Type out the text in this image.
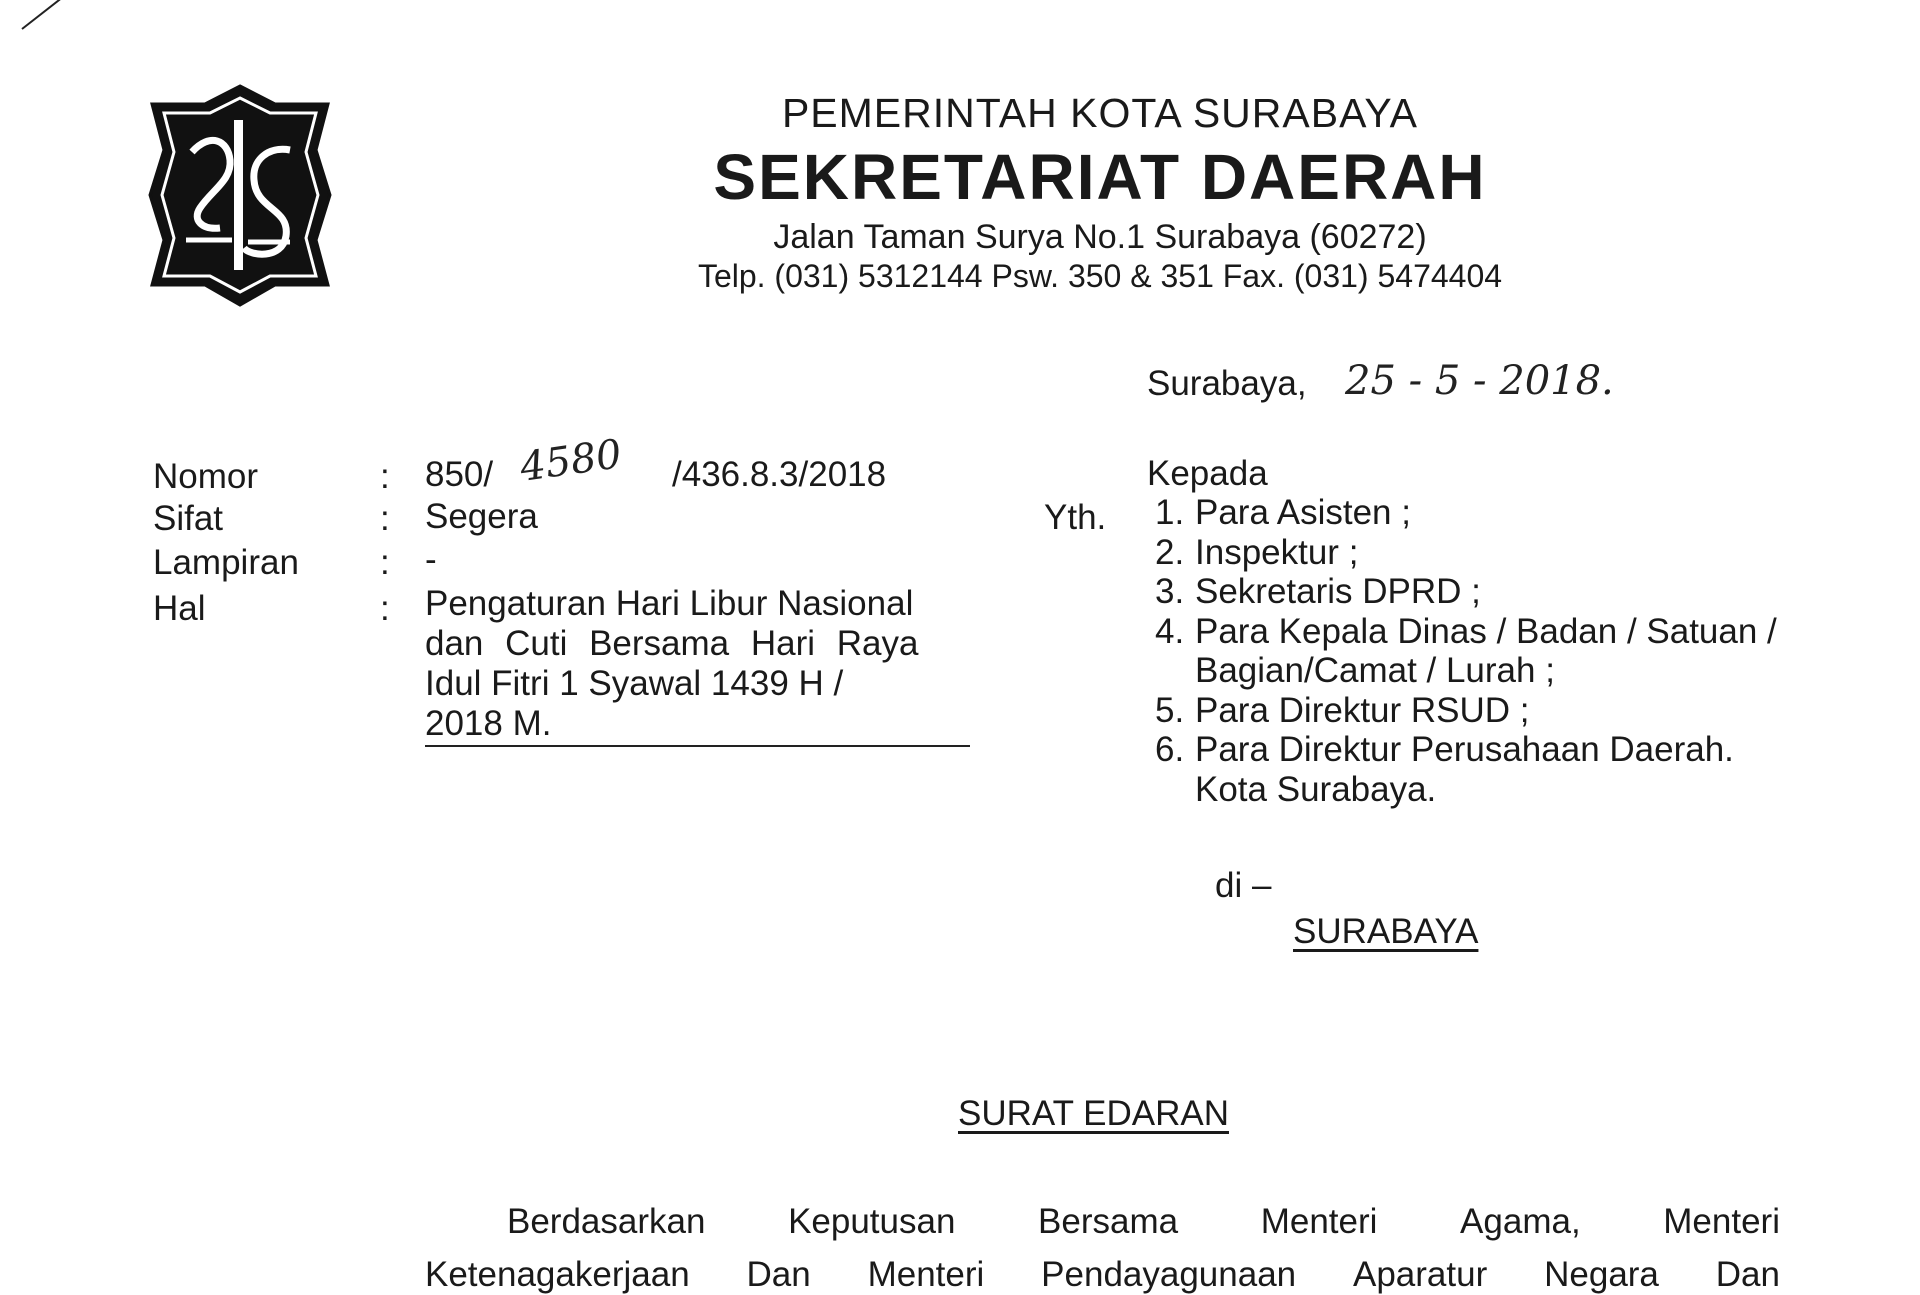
PEMERINTAH KOTA SURABAYA
SEKRETARIAT DAERAH
Jalan Taman Surya No.1 Surabaya (60272)
Telp. (031) 5312144 Psw. 350 & 351 Fax. (031) 5474404
Surabaya, 25 - 5 - 2018.
Nomor
Sifat
Lampiran
Hal
:
:
:
:
850/ 4580 /436.8.3/2018
Segera
-
Pengaturan Hari Libur Nasional
dan Cuti Bersama Hari Raya
Idul Fitri 1 Syawal 1439 H /
2018 M.
Kepada
Yth. 1. Para Asisten ;
2. Inspektur ;
3. Sekretaris DPRD ;
4. Para Kepala Dinas / Badan / Satuan /
Bagian/Camat / Lurah ;
5. Para Direktur RSUD ;
6. Para Direktur Perusahaan Daerah.
Kota Surabaya.
di –
SURABAYA
SURAT EDARAN
Berdasarkan Keputusan Bersama Menteri Agama, Menteri
Ketenagakerjaan Dan Menteri Pendayagunaan Aparatur Negara Dan
